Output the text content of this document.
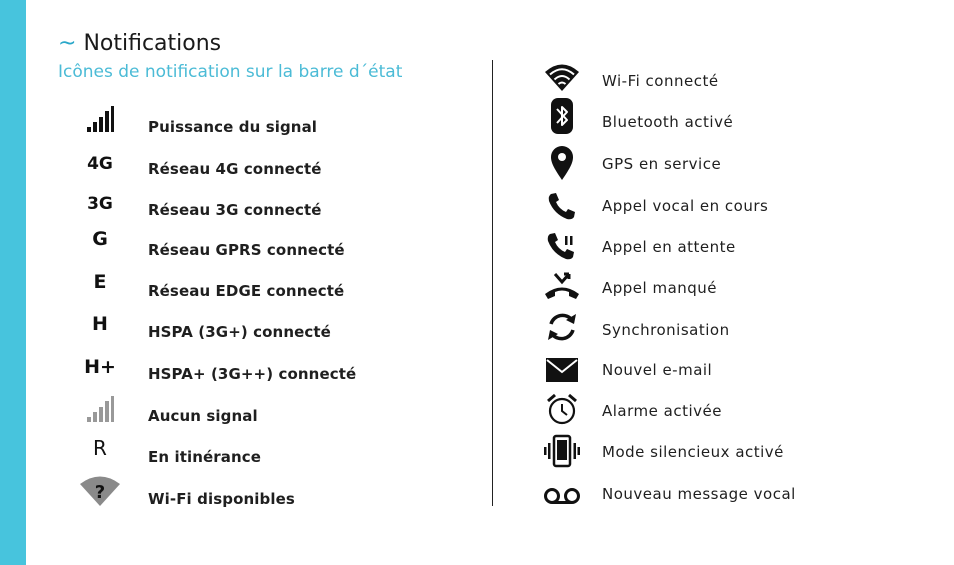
~ Notifications
Icônes de notification sur la barre d´état
Puissance du signal
4G	Réseau 4G connecté
3G	Réseau 3G connecté
G	Réseau GPRS connecté
E	Réseau EDGE connecté
H	HSPA (3G+) connecté
H+	HSPA+ (3G++) connecté
Aucun signal
R	En itinérance
?	Wi-Fi disponibles
Wi-Fi connecté
Bluetooth activé
GPS en service
Appel vocal en cours
Appel en attente
Appel manqué
Synchronisation
Nouvel e-mail
Alarme activée
Mode silencieux activé
Nouveau message vocal
